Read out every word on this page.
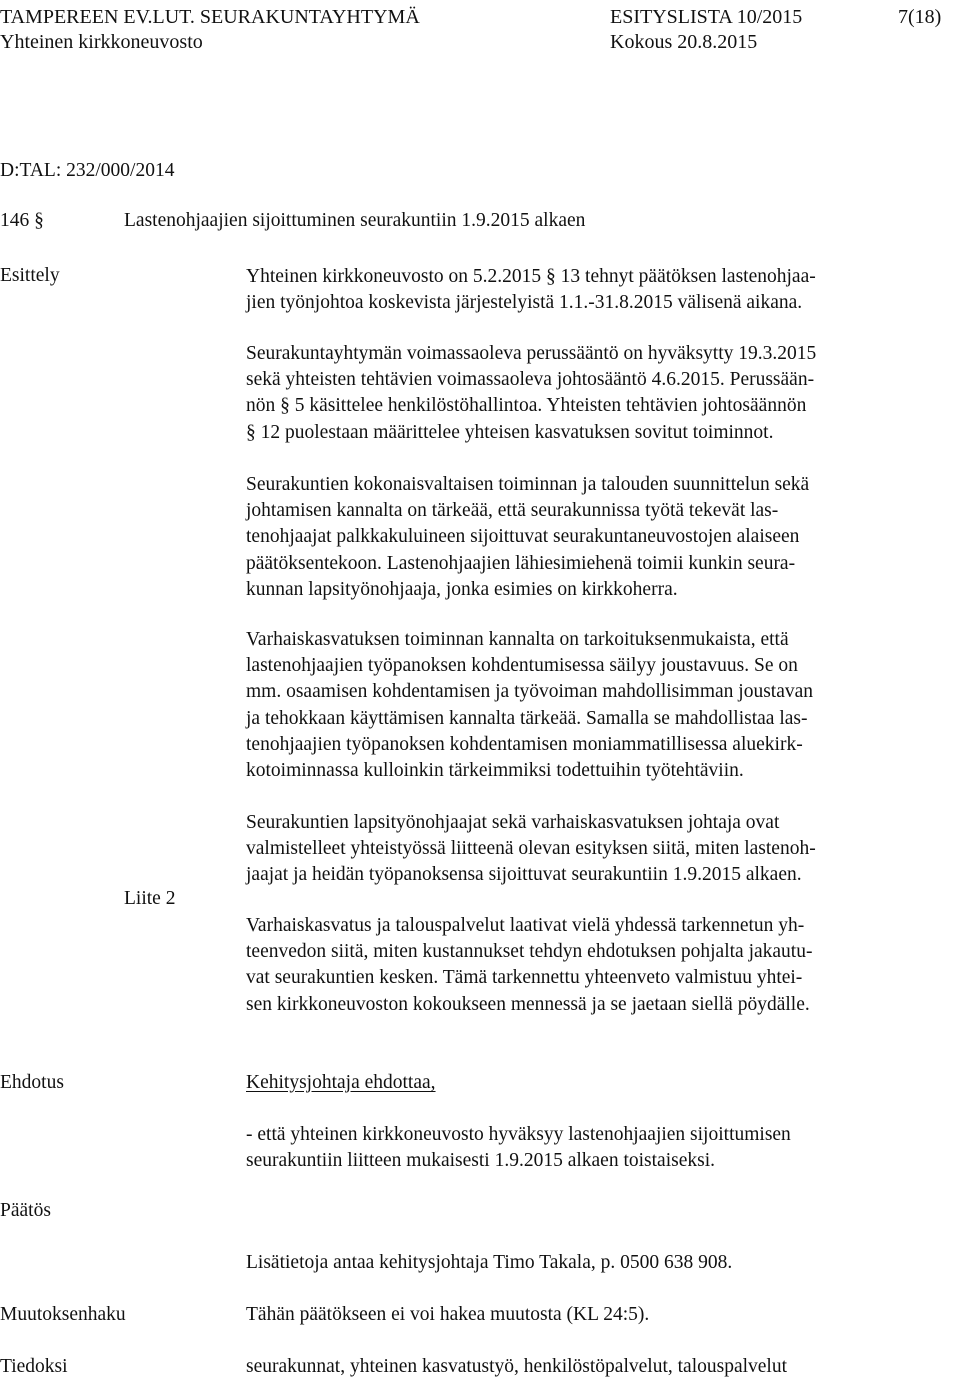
TAMPEREEN EV.LUT. SEURAKUNTAYHTYMÄ	ESITYSLISTA 10/2015	7(18)
Yhteinen kirkkoneuvosto	Kokous 20.8.2015
D:TAL: 232/000/2014
146 §	Lastenohjaajien sijoittuminen seurakuntiin 1.9.2015 alkaen
Esittely	Yhteinen kirkkoneuvosto on 5.2.2015 § 13 tehnyt päätöksen lastenohjaa-
jien työnjohtoa koskevista järjestelyistä 1.1.-31.8.2015 välisenä aikana.
Seurakuntayhtymän voimassaoleva perussääntö on hyväksytty 19.3.2015
sekä yhteisten tehtävien voimassaoleva johtosääntö 4.6.2015. Perussään-
nön § 5 käsittelee henkilöstöhallintoa. Yhteisten tehtävien johtosäännön
§ 12 puolestaan määrittelee yhteisen kasvatuksen sovitut toiminnot.
Seurakuntien kokonaisvaltaisen toiminnan ja talouden suunnittelun sekä
johtamisen kannalta on tärkeää, että seurakunnissa työtä tekevät las-
tenohjaajat palkkakuluineen sijoittuvat seurakuntaneuvostojen alaiseen
päätöksentekoon. Lastenohjaajien lähiesimiehenä toimii kunkin seura-
kunnan lapsityönohjaaja, jonka esimies on kirkkoherra.
Varhaiskasvatuksen toiminnan kannalta on tarkoituksenmukaista, että
lastenohjaajien työpanoksen kohdentumisessa säilyy joustavuus. Se on
mm. osaamisen kohdentamisen ja työvoiman mahdollisimman joustavan
ja tehokkaan käyttämisen kannalta tärkeää. Samalla se mahdollistaa las-
tenohjaajien työpanoksen kohdentamisen moniammatillisessa aluekirk-
kotoiminnassa kulloinkin tärkeimmiksi todettuihin työtehtäviin.
Seurakuntien lapsityönohjaajat sekä varhaiskasvatuksen johtaja ovat
valmistelleet yhteistyössä liitteenä olevan esityksen siitä, miten lastenoh-
jaajat ja heidän työpanoksensa sijoittuvat seurakuntiin 1.9.2015 alkaen.
Liite 2
Varhaiskasvatus ja talouspalvelut laativat vielä yhdessä tarkennetun yh-
teenvedon siitä, miten kustannukset tehdyn ehdotuksen pohjalta jakautu-
vat seurakuntien kesken. Tämä tarkennettu yhteenveto valmistuu yhtei-
sen kirkkoneuvoston kokoukseen mennessä ja se jaetaan siellä pöydälle.
Ehdotus	Kehitysjohtaja ehdottaa,
- että yhteinen kirkkoneuvosto hyväksyy lastenohjaajien sijoittumisen
seurakuntiin liitteen mukaisesti 1.9.2015 alkaen toistaiseksi.
Päätös
Lisätietoja antaa kehitysjohtaja Timo Takala, p. 0500 638 908.
Muutoksenhaku	Tähän päätökseen ei voi hakea muutosta (KL 24:5).
Tiedoksi	seurakunnat, yhteinen kasvatustyö, henkilöstöpalvelut, talouspalvelut
